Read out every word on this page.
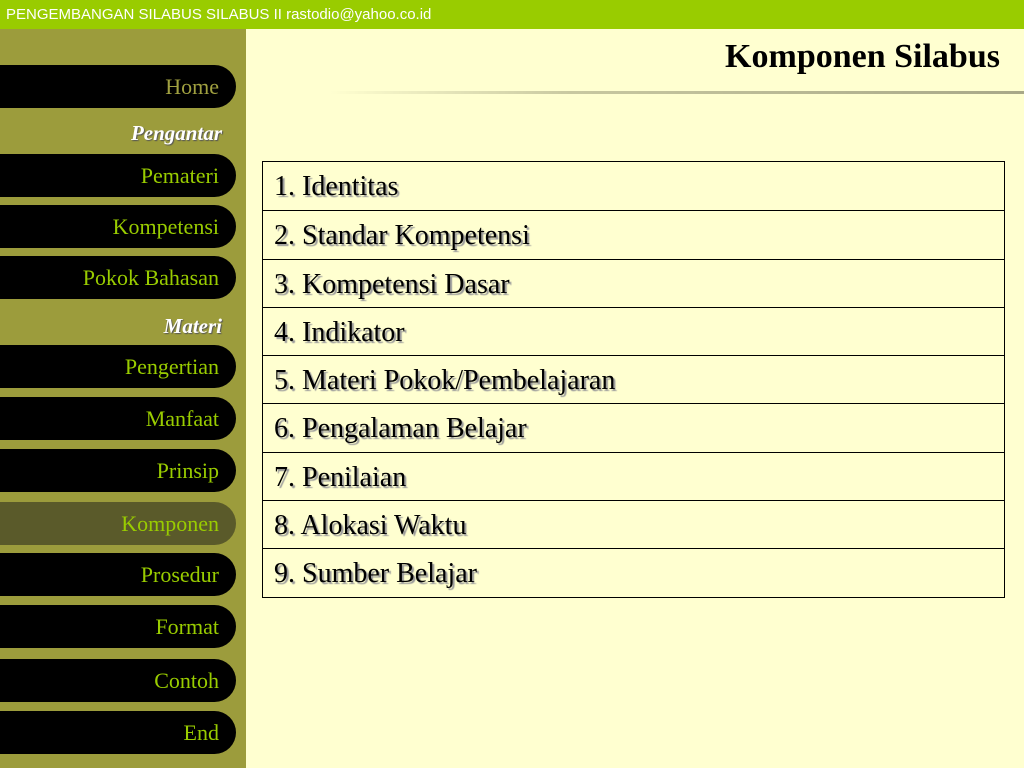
PENGEMBANGAN SILABUS SILABUS II rastodio@yahoo.co.id
Home
Pengantar
Pemateri
Kompetensi
Pokok Bahasan
Materi
Pengertian
Manfaat
Prinsip
Komponen
Prosedur
Format
Contoh
End
Komponen Silabus
1. Identitas
2. Standar Kompetensi
3. Kompetensi Dasar
4. Indikator
5. Materi Pokok/Pembelajaran
6. Pengalaman Belajar
7. Penilaian
8. Alokasi Waktu
9. Sumber Belajar
